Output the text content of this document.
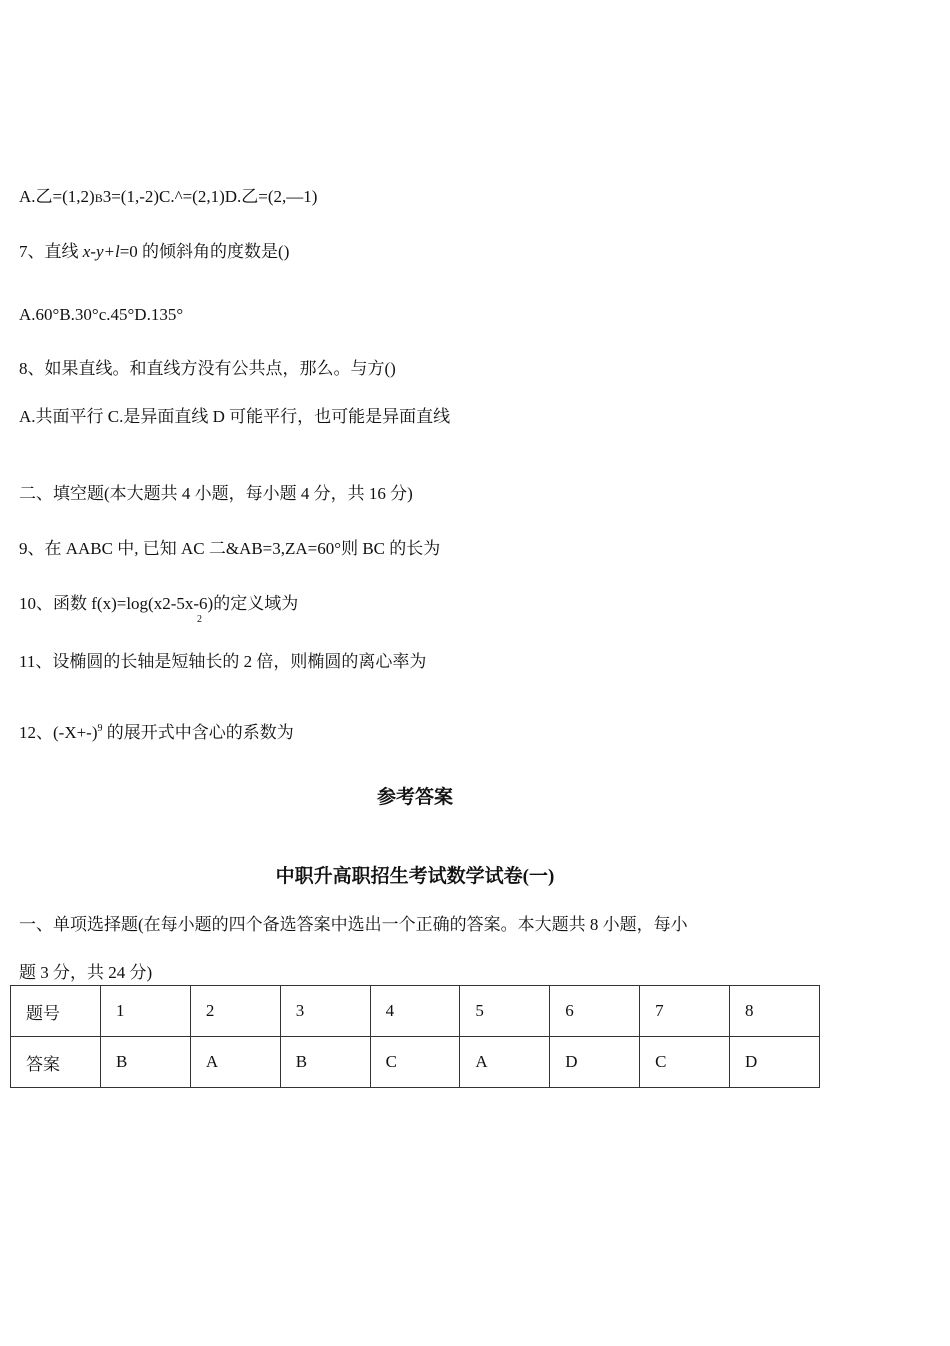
A.乙=(1,2)B3=(1,-2)C.^=(2,1)D.乙=(2,—1)
7、直线 x-y+l=0 的倾斜角的度数是()
A.60°B.30°c.45°D.135°
8、如果直线。和直线方没有公共点，那么。与方()
A.共面平行 C.是异面直线 D 可能平行，也可能是异面直线
二、填空题(本大题共 4 小题，每小题 4 分，共 16 分)
9、在 AABC 中, 已知 AC 二&AB=3,ZA=60°则 BC 的长为
10、函数 f(x)=log(x2-5x-6)的定义域为
2
11、设椭圆的长轴是短轴长的 2 倍，则椭圆的离心率为
12、$(-X+-)^9$ 的展开式中含心的系数为
参考答案
中职升高职招生考试数学试卷(一)
一、单项选择题(在每小题的四个备选答案中选出一个正确的答案。本大题共 8 小题，每小
题 3 分，共 24 分)
题号	1	2	3	4	5	6	7	8
答案	B	A	B	C	A	D	C	D
